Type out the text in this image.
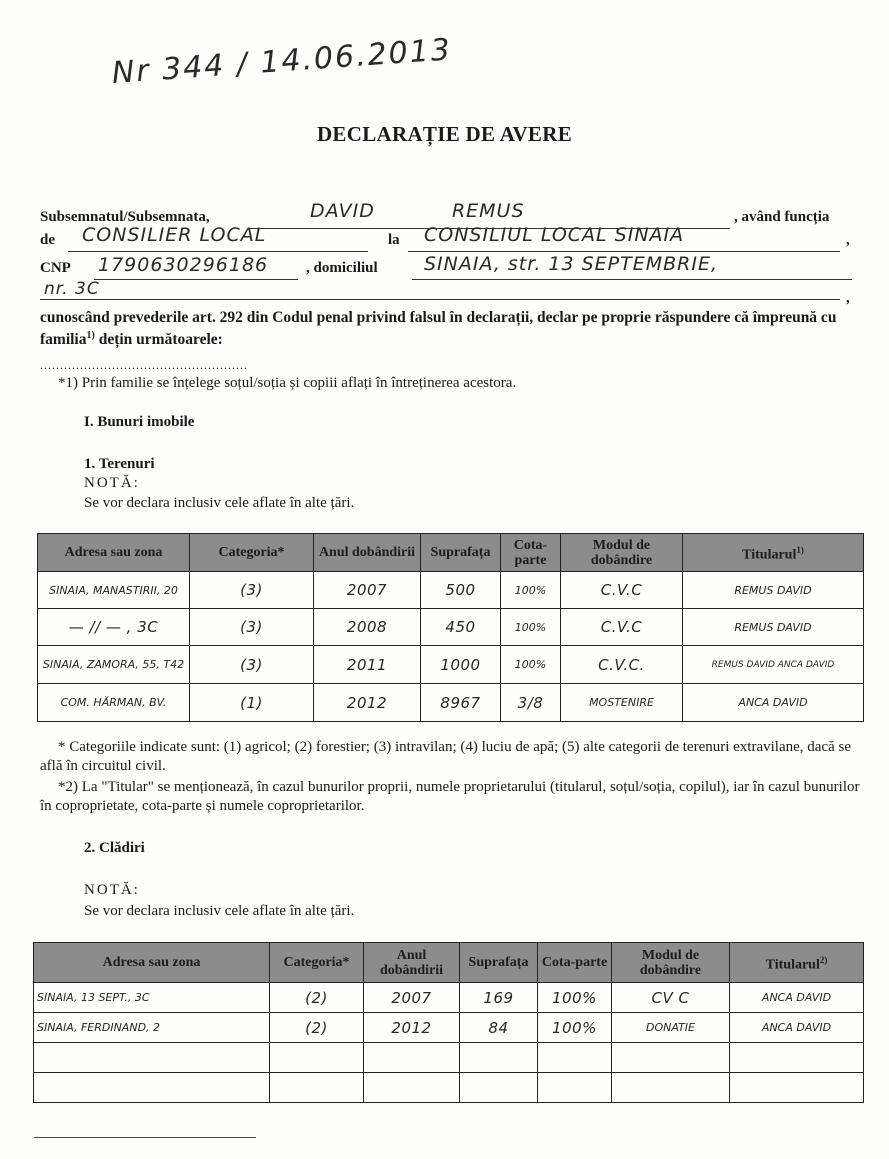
Nr 344 / 14.06.2013
DECLARAȚIE DE AVERE
Subsemnatul/Subsemnata,	DAVID REMUS	, având funcția
de CONSILIER LOCAL	la CONSILIUL LOCAL SINAIA	,
CNP 1790630296186	, domiciliul SINAIA, str. 13 SEPTEMBRIE,
nr. 3C	,
cunoscând prevederile art. 292 din Codul penal privind falsul în declarații, declar pe proprie răspundere că împreună cu familia$^{1)}$ dețin următoarele:
....................................................
*1) Prin familie se înțelege soțul/soția și copiii aflați în întreținerea acestora.
I. Bunuri imobile
1. Terenuri
NOTĂ:
Se vor declara inclusiv cele aflate în alte țări.
Adresa sau zona	Categoria*	Anul dobândirii	Suprafața	Cota-parte	Modul de dobândire	Titularul$^{1)}$
SINAIA, MANASTIRII, 20	(3)	2007	500	100%	C.V.C	REMUS DAVID
— // — , 3C	(3)	2008	450	100%	C.V.C	REMUS DAVID
SINAIA, ZAMORA, 55, T42	(3)	2011	1000	100%	C.V.C.	REMUS DAVID ANCA DAVID
COM. HĂRMAN, BV.	(1)	2012	8967	3/8	MOSTENIRE	ANCA DAVID
* Categoriile indicate sunt: (1) agricol; (2) forestier; (3) intravilan; (4) luciu de apă; (5) alte categorii de terenuri extravilane, dacă se află în circuitul civil.
*2) La "Titular" se menționează, în cazul bunurilor proprii, numele proprietarului (titularul, soțul/soția, copilul), iar în cazul bunurilor în coproprietate, cota-parte și numele coproprietarilor.
2. Clădiri
NOTĂ:
Se vor declara inclusiv cele aflate în alte țări.
Adresa sau zona	Categoria*	Anul dobândirii	Suprafața	Cota-parte	Modul de dobândire	Titularul$^{2)}$
SINAIA, 13 SEPT., 3C	(2)	2007	169	100%	CV C	ANCA DAVID
SINAIA, FERDINAND, 2	(2)	2012	84	100%	DONATIE	ANCA DAVID
